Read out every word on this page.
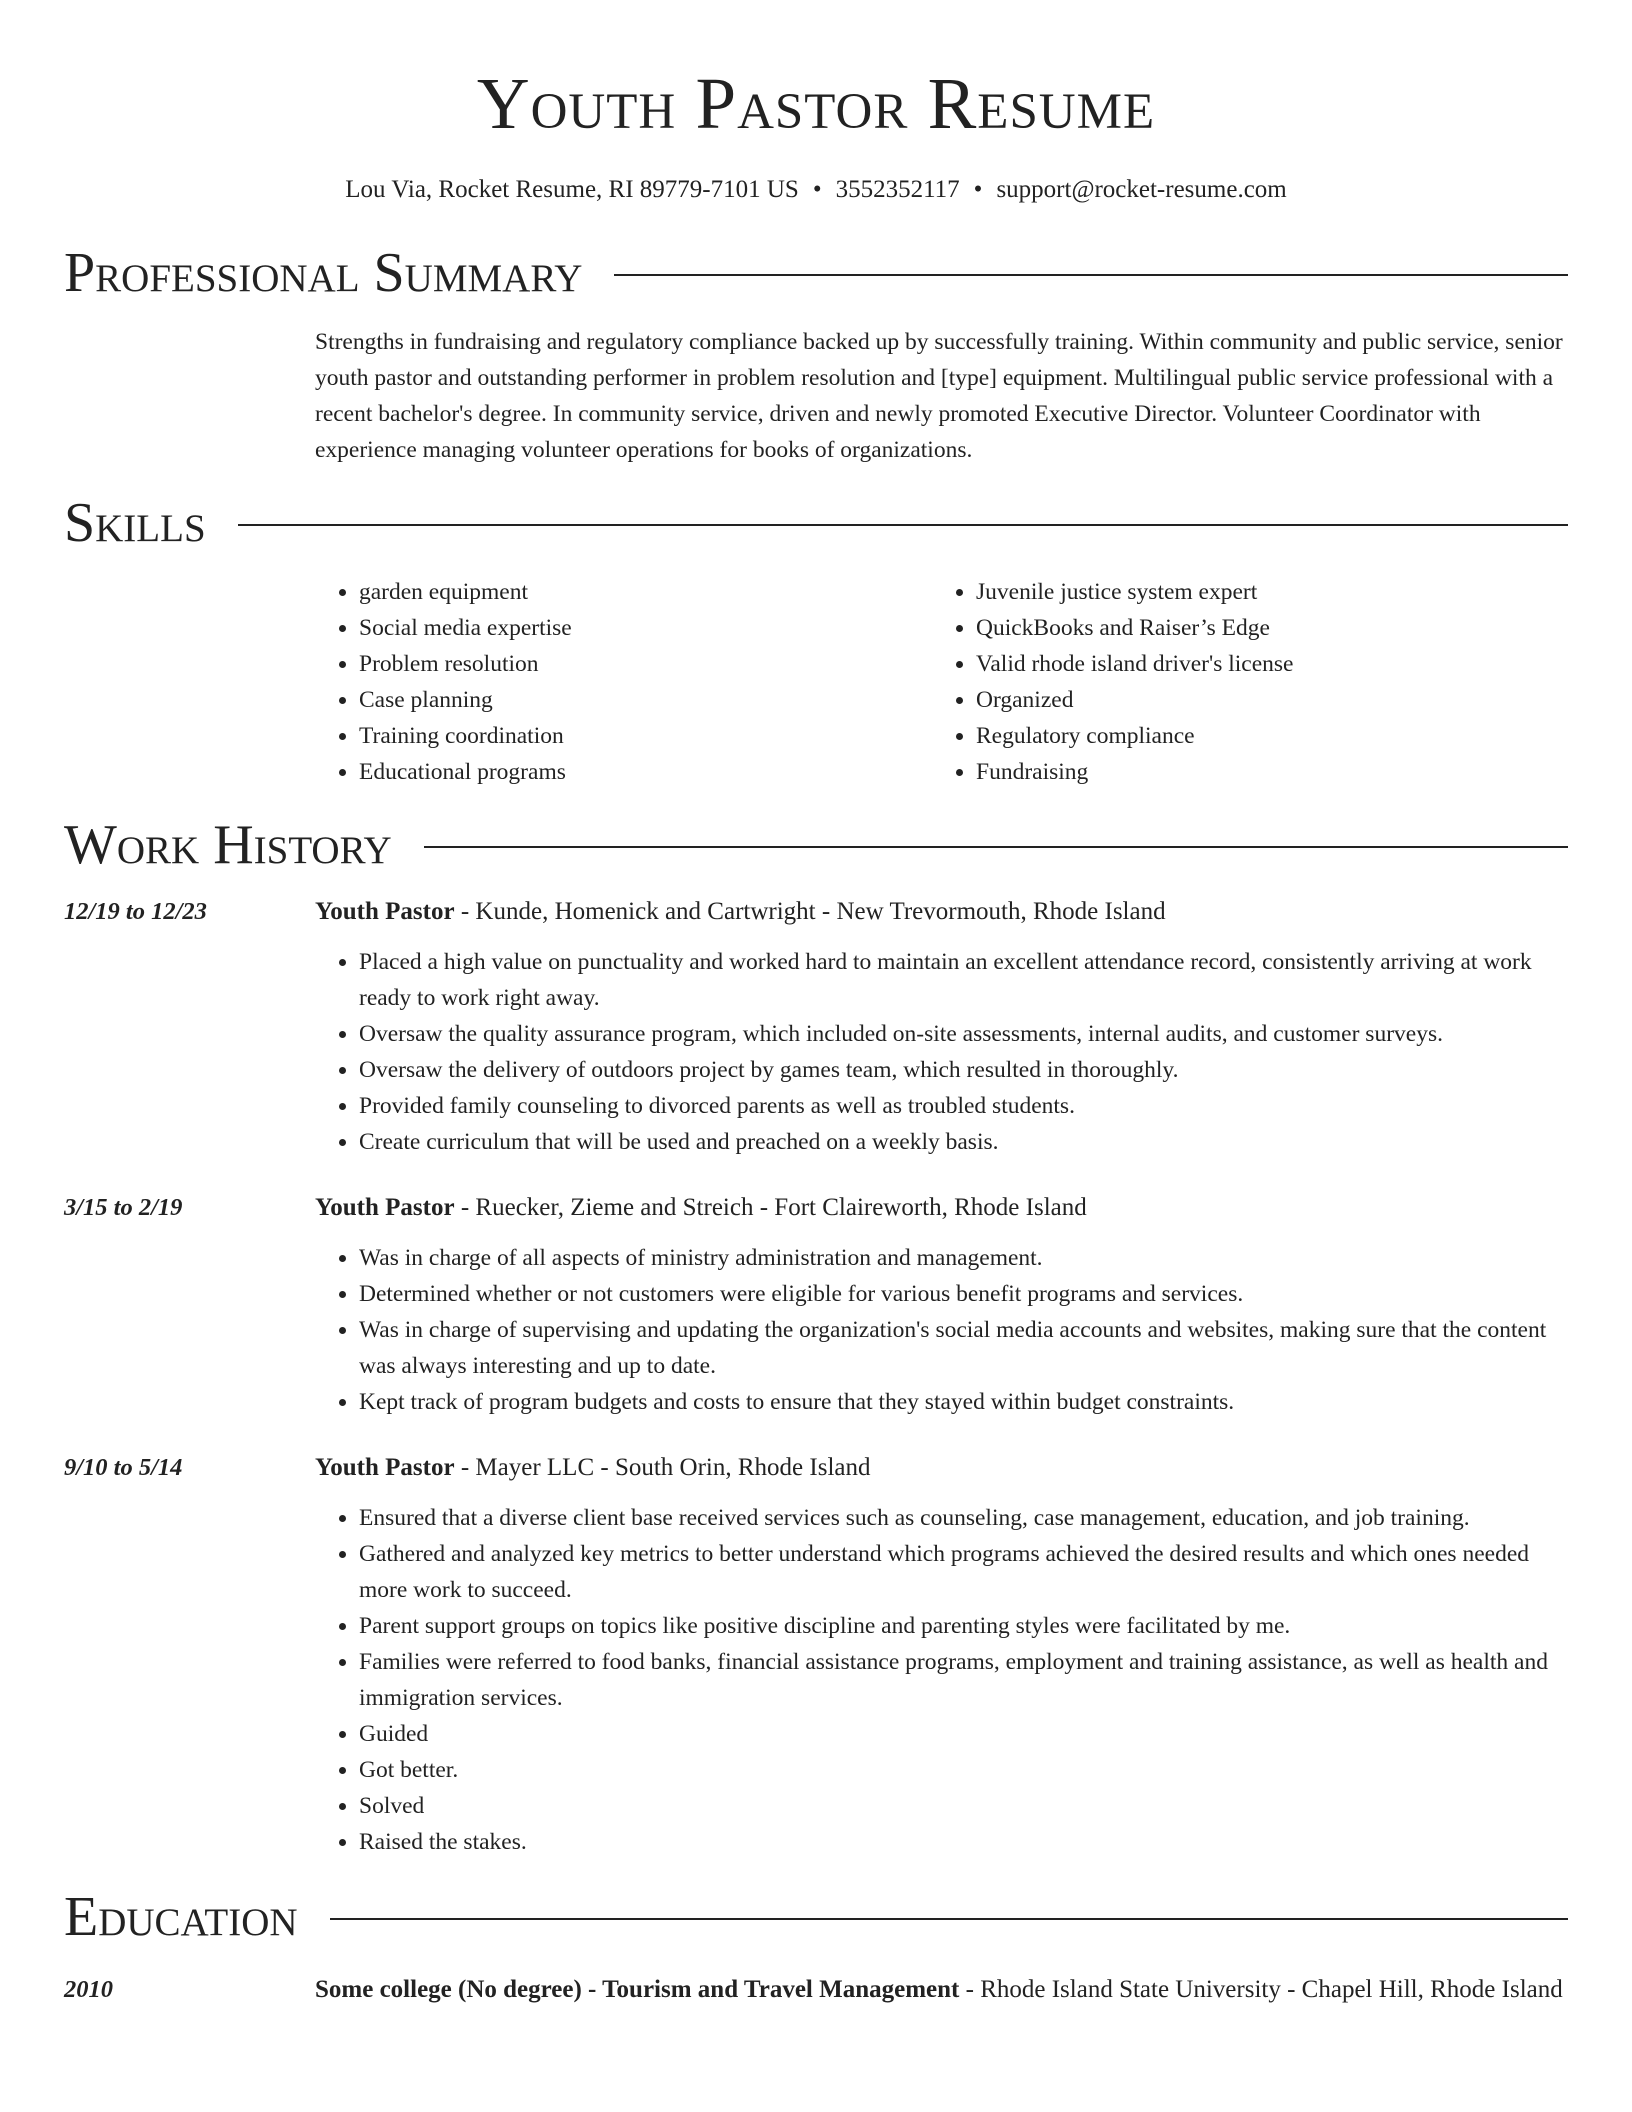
Youth Pastor Resume
Lou Via, Rocket Resume, RI 89779-7101 US • 3552352117 • support@rocket-resume.com
Professional Summary
Strengths in fundraising and regulatory compliance backed up by successfully training. Within community and public service, senior youth pastor and outstanding performer in problem resolution and [type] equipment. Multilingual public service professional with a recent bachelor's degree. In community service, driven and newly promoted Executive Director. Volunteer Coordinator with experience managing volunteer operations for books of organizations.
Skills
• garden equipment
• Social media expertise
• Problem resolution
• Case planning
• Training coordination
• Educational programs
• Juvenile justice system expert
• QuickBooks and Raiser’s Edge
• Valid rhode island driver's license
• Organized
• Regulatory compliance
• Fundraising
Work History
12/19 to 12/23	Youth Pastor - Kunde, Homenick and Cartwright - New Trevormouth, Rhode Island
• Placed a high value on punctuality and worked hard to maintain an excellent attendance record, consistently arriving at work ready to work right away.
• Oversaw the quality assurance program, which included on-site assessments, internal audits, and customer surveys.
• Oversaw the delivery of outdoors project by games team, which resulted in thoroughly.
• Provided family counseling to divorced parents as well as troubled students.
• Create curriculum that will be used and preached on a weekly basis.
3/15 to 2/19	Youth Pastor - Ruecker, Zieme and Streich - Fort Claireworth, Rhode Island
• Was in charge of all aspects of ministry administration and management.
• Determined whether or not customers were eligible for various benefit programs and services.
• Was in charge of supervising and updating the organization's social media accounts and websites, making sure that the content was always interesting and up to date.
• Kept track of program budgets and costs to ensure that they stayed within budget constraints.
9/10 to 5/14	Youth Pastor - Mayer LLC - South Orin, Rhode Island
• Ensured that a diverse client base received services such as counseling, case management, education, and job training.
• Gathered and analyzed key metrics to better understand which programs achieved the desired results and which ones needed more work to succeed.
• Parent support groups on topics like positive discipline and parenting styles were facilitated by me.
• Families were referred to food banks, financial assistance programs, employment and training assistance, as well as health and immigration services.
• Guided
• Got better.
• Solved
• Raised the stakes.
Education
2010	Some college (No degree) - Tourism and Travel Management - Rhode Island State University - Chapel Hill, Rhode Island
